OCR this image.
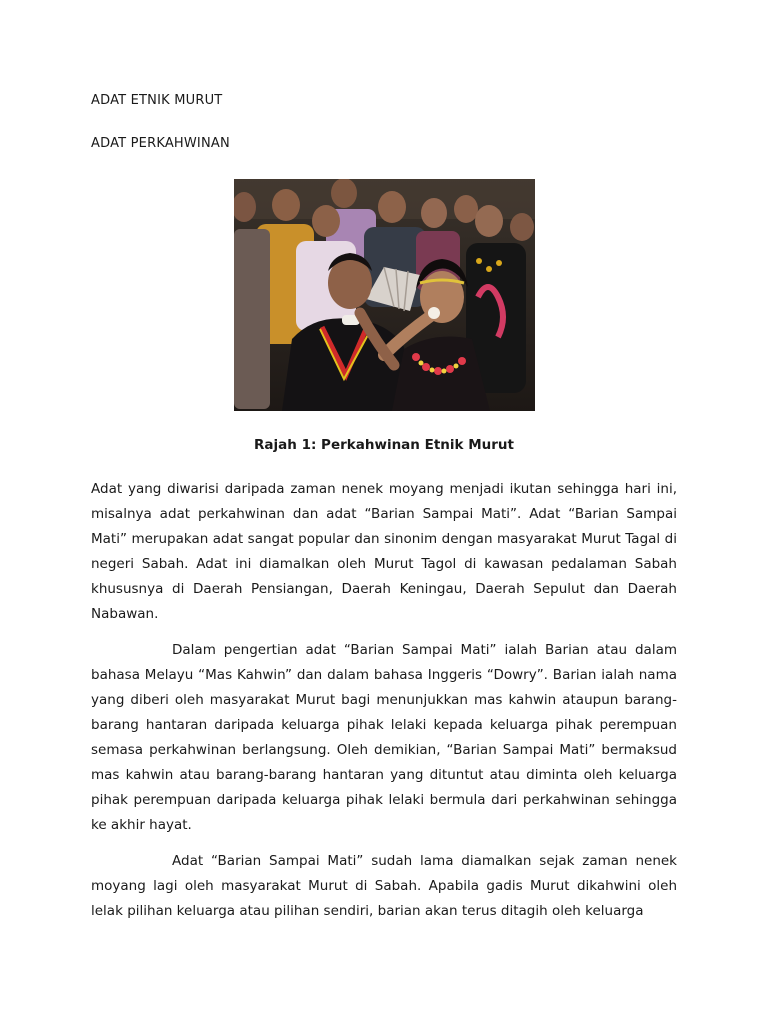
ADAT ETNIK MURUT
ADAT PERKAHWINAN

Rajah 1: Perkahwinan Etnik Murut

Adat yang diwarisi daripada zaman nenek moyang menjadi ikutan sehingga hari ini, misalnya adat perkahwinan dan adat “Barian Sampai Mati”. Adat “Barian Sampai Mati” merupakan adat sangat popular dan sinonim dengan masyarakat Murut Tagal di negeri Sabah. Adat ini diamalkan oleh Murut Tagol di kawasan pedalaman Sabah khususnya di Daerah Pensiangan, Daerah Keningau, Daerah Sepulut dan Daerah Nabawan.

Dalam pengertian adat “Barian Sampai Mati” ialah Barian atau dalam bahasa Melayu “Mas Kahwin” dan dalam bahasa Inggeris “Dowry”. Barian ialah nama yang diberi oleh masyarakat Murut bagi menunjukkan mas kahwin ataupun barang-barang hantaran daripada keluarga pihak lelaki kepada keluarga pihak perempuan semasa perkahwinan berlangsung. Oleh demikian, “Barian Sampai Mati” bermaksud mas kahwin atau barang-barang hantaran yang dituntut atau diminta oleh keluarga pihak perempuan daripada keluarga pihak lelaki bermula dari perkahwinan sehingga ke akhir hayat.

Adat “Barian Sampai Mati” sudah lama diamalkan sejak zaman nenek moyang lagi oleh masyarakat Murut di Sabah. Apabila gadis Murut dikahwini oleh lelak pilihan keluarga atau pilihan sendiri, barian akan terus ditagih oleh keluarga
